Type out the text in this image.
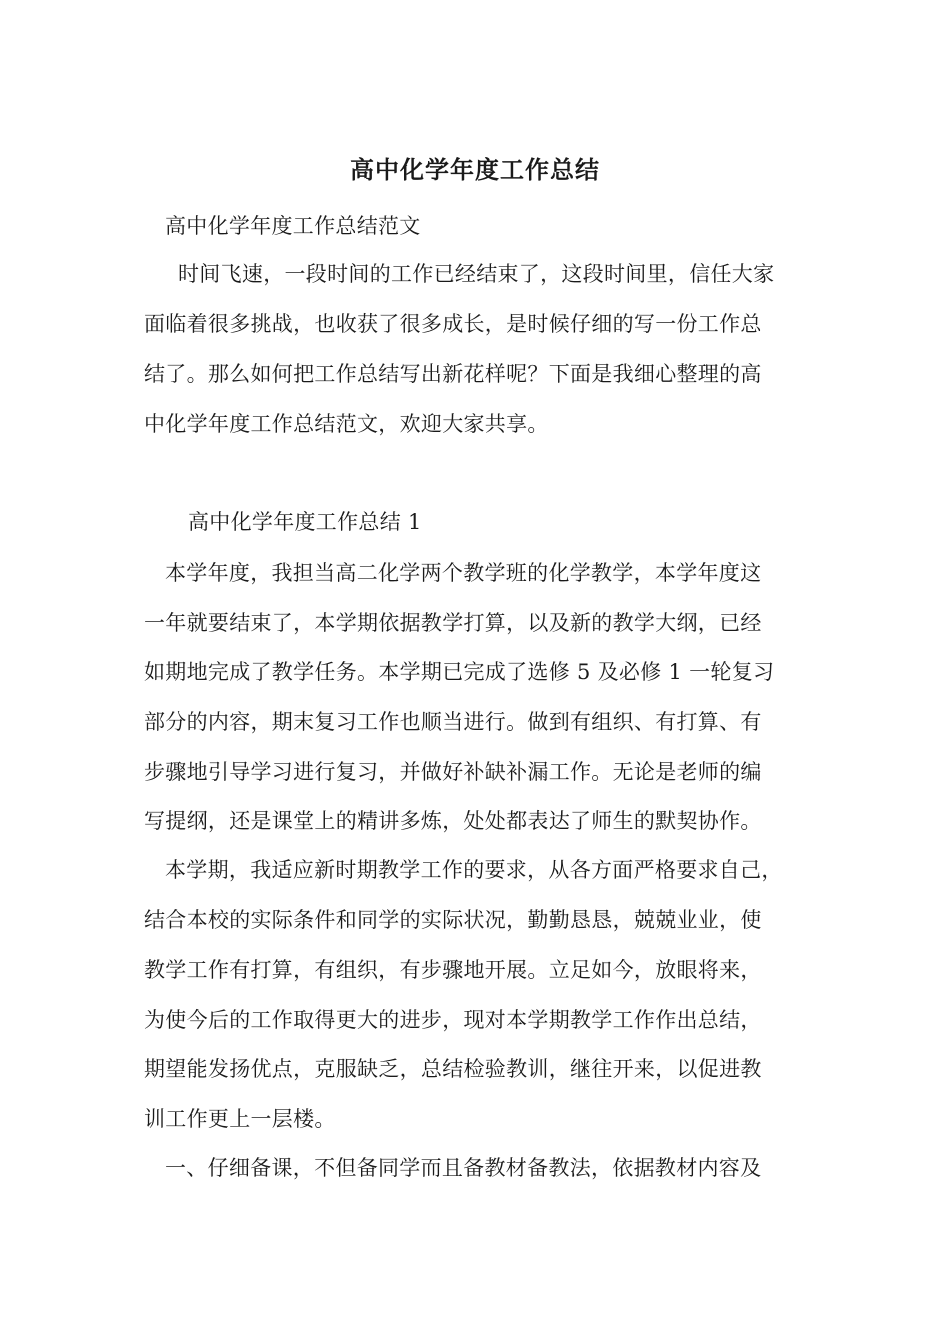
高中化学年度工作总结
高中化学年度工作总结范文
时间飞速，一段时间的工作已经结束了，这段时间里，信任大家
面临着很多挑战，也收获了很多成长，是时候仔细的写一份工作总
结了。那么如何把工作总结写出新花样呢？下面是我细心整理的高
中化学年度工作总结范文，欢迎大家共享。
高中化学年度工作总结 1
本学年度，我担当高二化学两个教学班的化学教学，本学年度这
一年就要结束了，本学期依据教学打算，以及新的教学大纲，已经
如期地完成了教学任务。本学期已完成了选修 5 及必修 1 一轮复习
部分的内容，期末复习工作也顺当进行。做到有组织、有打算、有
步骤地引导学习进行复习，并做好补缺补漏工作。无论是老师的编
写提纲，还是课堂上的精讲多炼，处处都表达了师生的默契协作。
本学期，我适应新时期教学工作的要求，从各方面严格要求自己，
结合本校的实际条件和同学的实际状况，勤勤恳恳，兢兢业业，使
教学工作有打算，有组织，有步骤地开展。立足如今，放眼将来，
为使今后的工作取得更大的进步，现对本学期教学工作作出总结，
期望能发扬优点，克服缺乏，总结检验教训，继往开来，以促进教
训工作更上一层楼。
一、仔细备课，不但备同学而且备教材备教法，依据教材内容及
